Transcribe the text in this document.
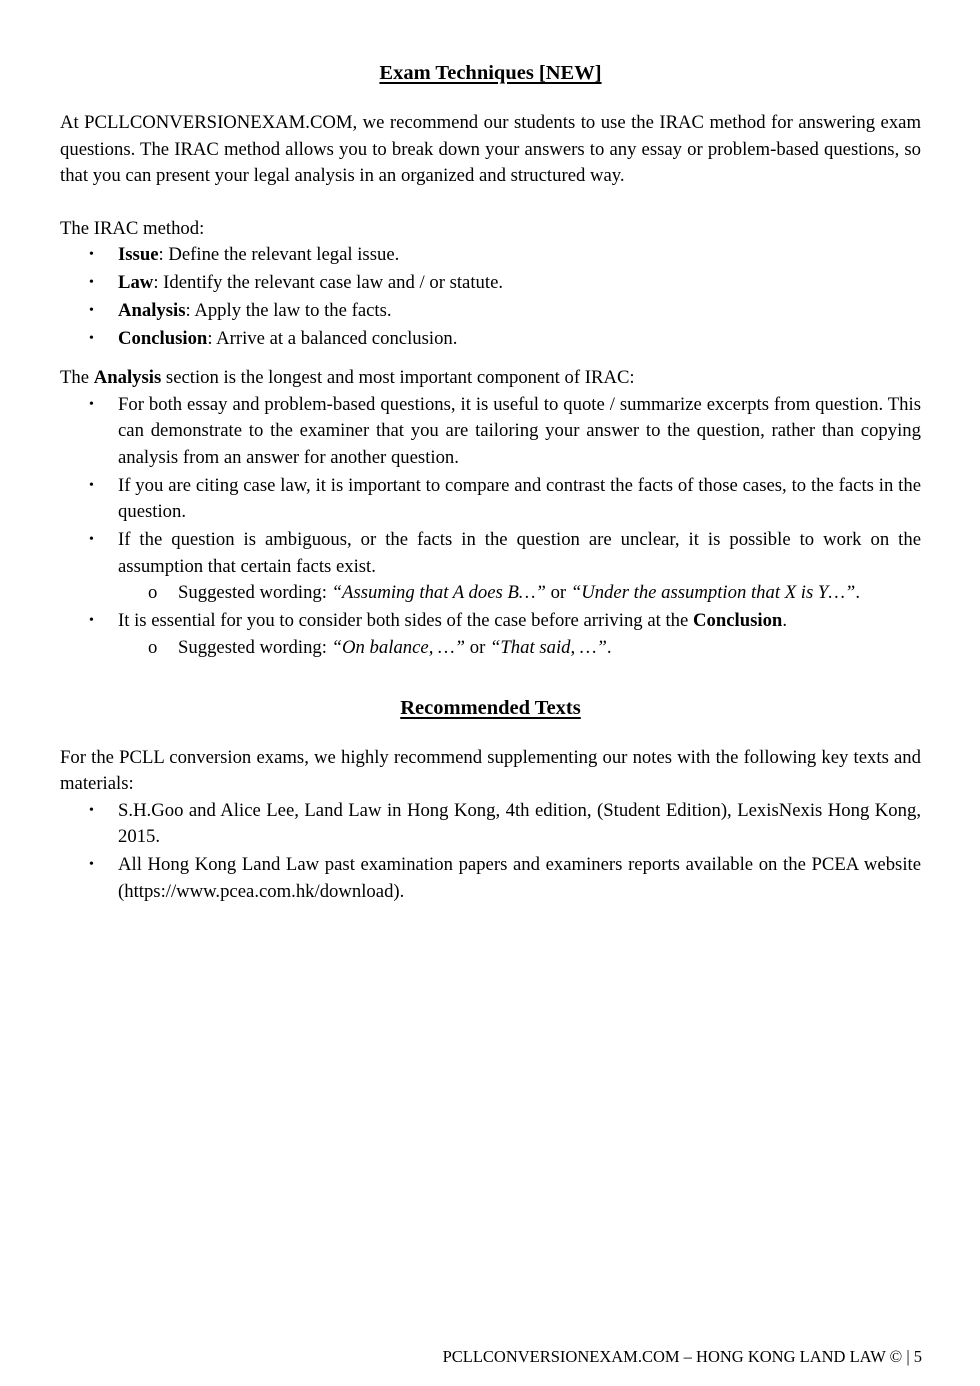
Exam Techniques [NEW]

At PCLLCONVERSIONEXAM.COM, we recommend our students to use the IRAC method for answering exam questions. The IRAC method allows you to break down your answers to any essay or problem-based questions, so that you can present your legal analysis in an organized and structured way.

The IRAC method:

• Issue: Define the relevant legal issue.
• Law: Identify the relevant case law and / or statute.
• Analysis: Apply the law to the facts.
• Conclusion: Arrive at a balanced conclusion.

The Analysis section is the longest and most important component of IRAC:

• For both essay and problem-based questions, it is useful to quote / summarize excerpts from question. This can demonstrate to the examiner that you are tailoring your answer to the question, rather than copying analysis from an answer for another question.
• If you are citing case law, it is important to compare and contrast the facts of those cases, to the facts in the question.
• If the question is ambiguous, or the facts in the question are unclear, it is possible to work on the assumption that certain facts exist.
o Suggested wording: “Assuming that A does B…” or “Under the assumption that X is Y…”.
• It is essential for you to consider both sides of the case before arriving at the Conclusion.
o Suggested wording: “On balance, …” or “That said, …”.
Recommended Texts

For the PCLL conversion exams, we highly recommend supplementing our notes with the following key texts and materials:

• S.H.Goo and Alice Lee, Land Law in Hong Kong, 4th edition, (Student Edition), LexisNexis Hong Kong, 2015.
• All Hong Kong Land Law past examination papers and examiners reports available on the PCEA website (https://www.pcea.com.hk/download).
PCLLCONVERSIONEXAM.COM – HONG KONG LAND LAW © | 5
